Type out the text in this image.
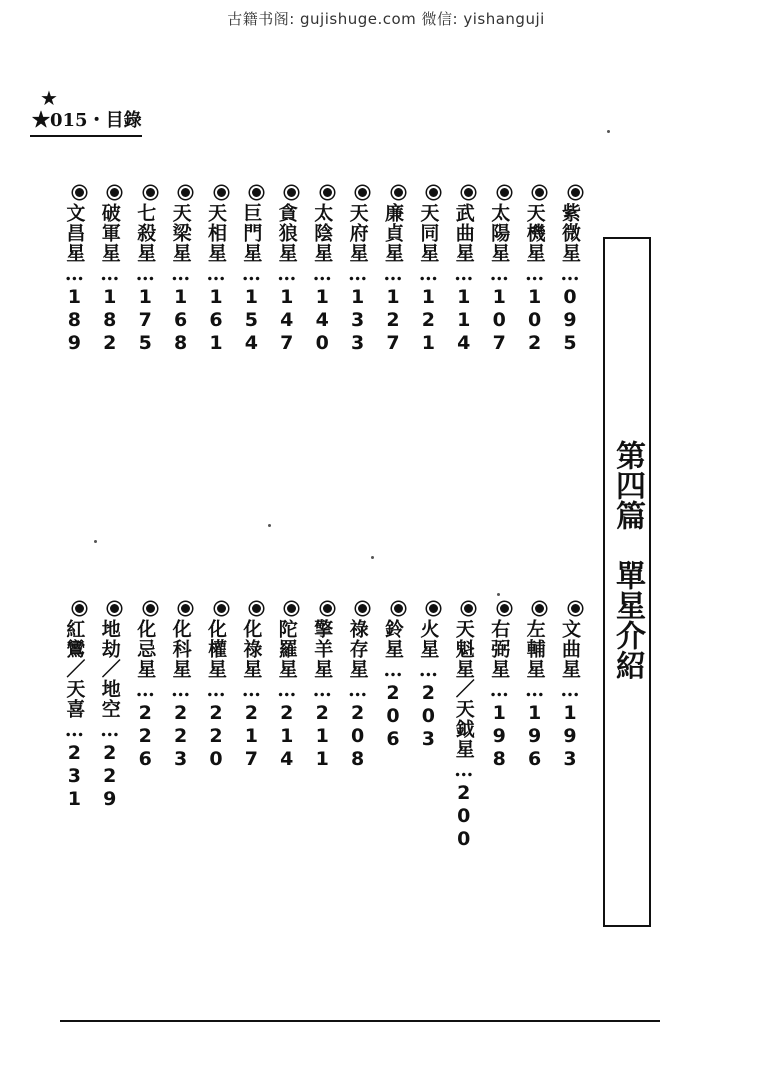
古籍书阁: gujishuge.com 微信: yishanguji
★
★015・目錄
紫微星…095
天機星…102
太陽星…107
武曲星…114
天同星…121
廉貞星…127
天府星…133
太陰星…140
貪狼星…147
巨門星…154
天相星…161
天梁星…168
七殺星…175
破軍星…182
文昌星…189
文曲星…193
左輔星…196
右弼星…198
天魁星／天鉞星…200
火星…203
鈴星…206
祿存星…208
擎羊星…211
陀羅星…214
化祿星…217
化權星…220
化科星…223
化忌星…226
地劫／地空…229
紅鸞／天喜…231
第四篇　單星介紹
